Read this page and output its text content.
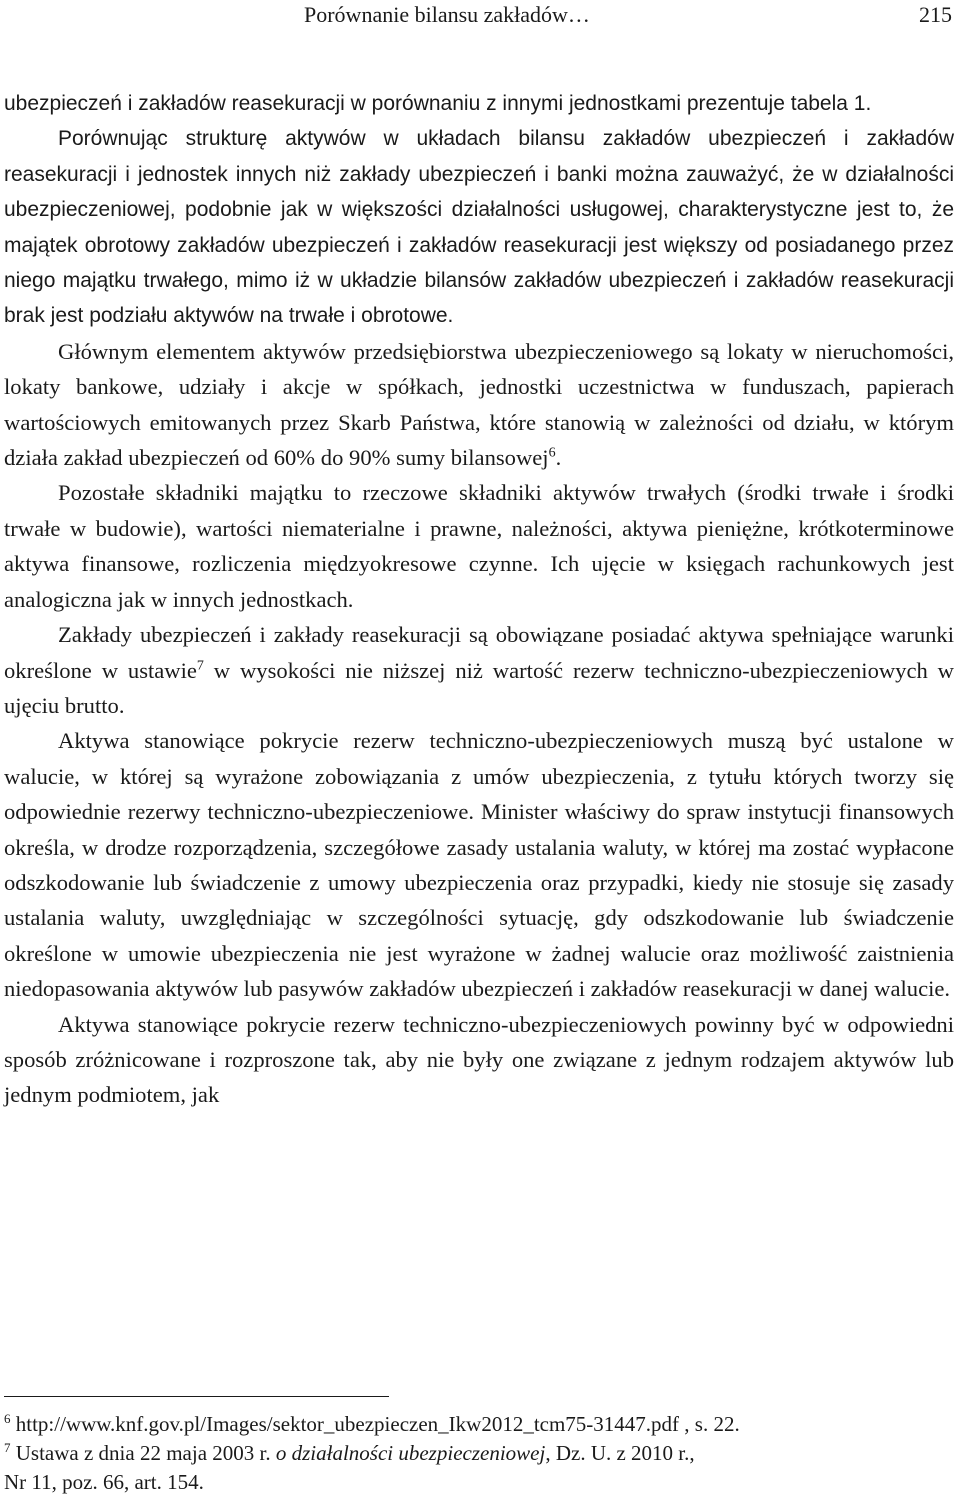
Porównanie bilansu zakładów…	215

ubezpieczeń i zakładów reasekuracji w porównaniu z innymi jednostkami prezentuje tabela 1.

Porównując strukturę aktywów w układach bilansu zakładów ubezpieczeń i zakładów reasekuracji i jednostek innych niż zakłady ubezpieczeń i banki można zauważyć, że w działalności ubezpieczeniowej, podobnie jak w większości działalności usługowej, charakterystyczne jest to, że majątek obrotowy zakładów ubezpieczeń i zakładów reasekuracji jest większy od posiadanego przez niego majątku trwałego, mimo iż w układzie bilansów zakładów ubezpieczeń i zakładów reasekuracji brak jest podziału aktywów na trwałe i obrotowe.

Głównym elementem aktywów przedsiębiorstwa ubezpieczeniowego są lokaty w nieruchomości, lokaty bankowe, udziały i akcje w spółkach, jednostki uczestnictwa w funduszach, papierach wartościowych emitowanych przez Skarb Państwa, które stanowią w zależności od działu, w którym działa zakład ubezpieczeń od 60% do 90% sumy bilansowej$^6$.

Pozostałe składniki majątku to rzeczowe składniki aktywów trwałych (środki trwałe i środki trwałe w budowie), wartości niematerialne i prawne, należności, aktywa pieniężne, krótkoterminowe aktywa finansowe, rozliczenia międzyokresowe czynne. Ich ujęcie w księgach rachunkowych jest analogiczna jak w innych jednostkach.

Zakłady ubezpieczeń i zakłady reasekuracji są obowiązane posiadać aktywa spełniające warunki określone w ustawie$^7$ w wysokości nie niższej niż wartość rezerw techniczno-ubezpieczeniowych w ujęciu brutto.

Aktywa stanowiące pokrycie rezerw techniczno-ubezpieczeniowych muszą być ustalone w walucie, w której są wyrażone zobowiązania z umów ubezpieczenia, z tytułu których tworzy się odpowiednie rezerwy techniczno-ubezpieczeniowe. Minister właściwy do spraw instytucji finansowych określa, w drodze rozporządzenia, szczegółowe zasady ustalania waluty, w której ma zostać wypłacone odszkodowanie lub świadczenie z umowy ubezpieczenia oraz przypadki, kiedy nie stosuje się zasady ustalania waluty, uwzględniając w szczególności sytuację, gdy odszkodowanie lub świadczenie określone w umowie ubezpieczenia nie jest wyrażone w żadnej walucie oraz możliwość zaistnienia niedopasowania aktywów lub pasywów zakładów ubezpieczeń i zakładów reasekuracji w danej walucie.

Aktywa stanowiące pokrycie rezerw techniczno-ubezpieczeniowych powinny być w odpowiedni sposób zróżnicowane i rozproszone tak, aby nie były one związane z jednym rodzajem aktywów lub jednym podmiotem, jak

$^6$ http://www.knf.gov.pl/Images/sektor_ubezpieczen_Ikw2012_tcm75-31447.pdf , s. 22.

$^7$ Ustawa z dnia 22 maja 2003 r. o działalności ubezpieczeniowej, Dz. U. z 2010 r.,

Nr 11, poz. 66, art. 154.
